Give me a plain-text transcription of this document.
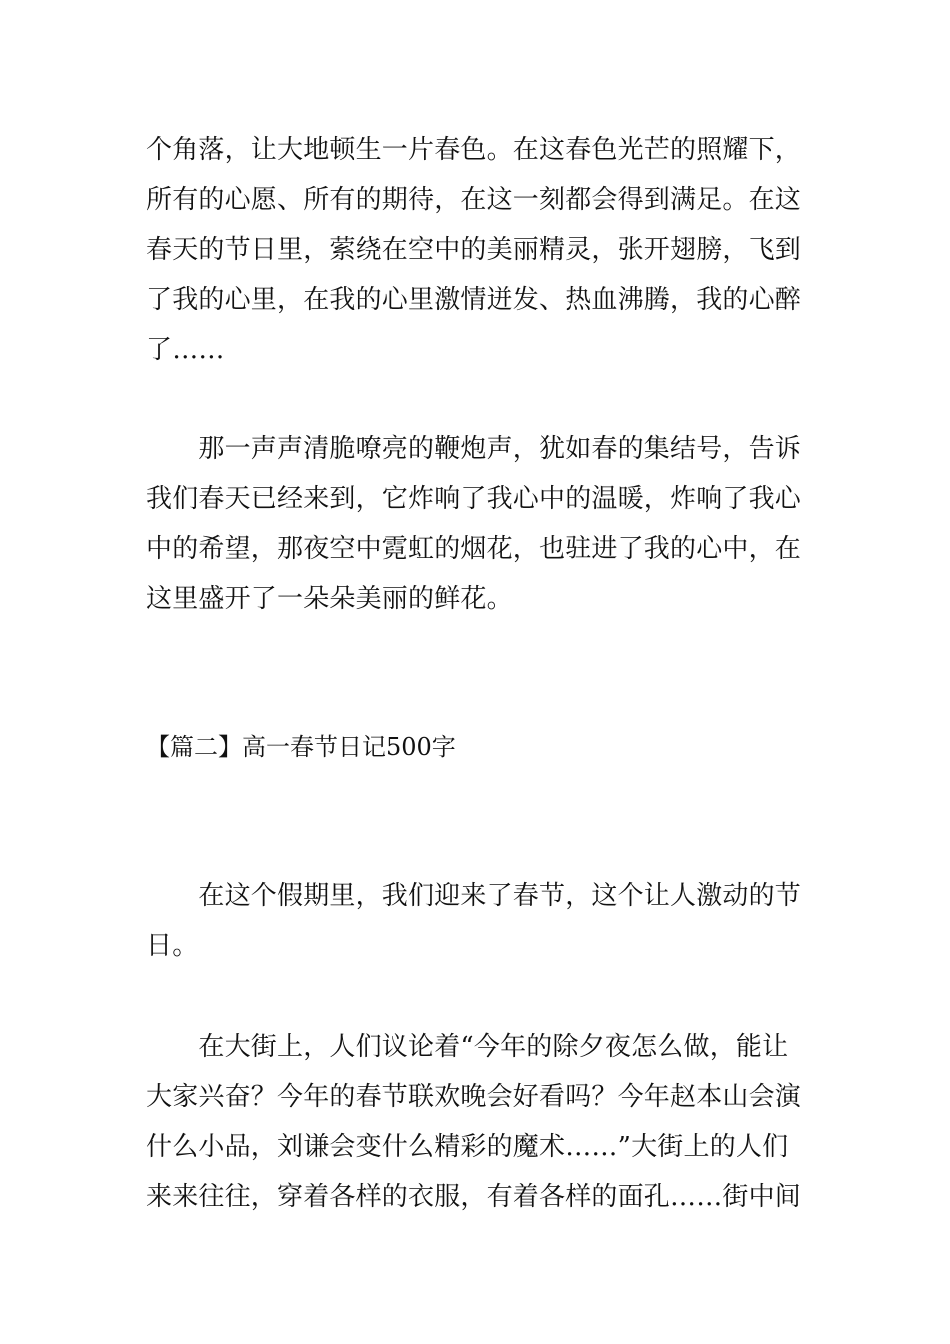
个角落，让大地顿生一片春色。在这春色光芒的照耀下，
所有的心愿、所有的期待，在这一刻都会得到满足。在这
春天的节日里，萦绕在空中的美丽精灵，张开翅膀，飞到
了我的心里，在我的心里激情迸发、热血沸腾，我的心醉
了……
　　那一声声清脆嘹亮的鞭炮声，犹如春的集结号，告诉
我们春天已经来到，它炸响了我心中的温暖，炸响了我心
中的希望，那夜空中霓虹的烟花，也驻进了我的心中，在
这里盛开了一朵朵美丽的鲜花。
【篇二】高一春节日记500字
　　在这个假期里，我们迎来了春节，这个让人激动的节
日。
　　在大街上，人们议论着“今年的除夕夜怎么做，能让
大家兴奋？今年的春节联欢晚会好看吗？今年赵本山会演
什么小品，刘谦会变什么精彩的魔术……”大街上的人们
来来往往，穿着各样的衣服，有着各样的面孔……街中间
